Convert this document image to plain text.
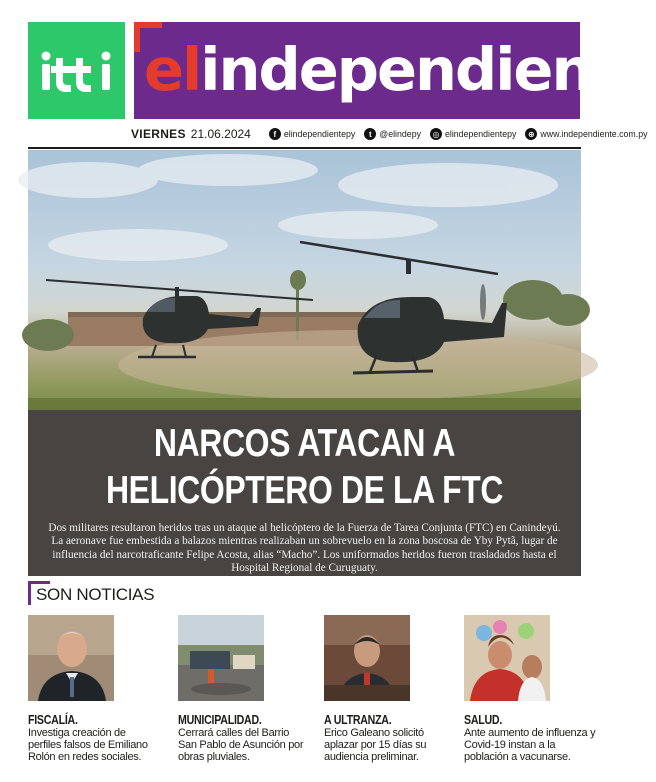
elindependiente
VIERNES 21.06.2024	f elindependientepy	t @elindepy	◎ elindependientepy	⊕ www.independiente.com.py
NARCOS ATACAN A
HELICÓPTERO DE LA FTC

Dos militares resultaron heridos tras un ataque al helicóptero de la Fuerza de Tarea Conjunta (FTC) en Canindeyú. La aeronave fue embestida a balazos mientras realizaban un sobrevuelo en la zona boscosa de Yby Pytã, lugar de influencia del narcotraficante Felipe Acosta, alias “Macho”. Los uniformados heridos fueron trasladados hasta el Hospital Regional de Curuguaty.

SON NOTICIAS
FISCALÍA.
Investiga creación de perfiles falsos de Emiliano Rolón en redes sociales.
MUNICIPALIDAD.
Cerrará calles del Barrio San Pablo de Asunción por obras pluviales.
A ULTRANZA.
Erico Galeano solicitó aplazar por 15 días su audiencia preliminar.
SALUD.
Ante aumento de influenza y Covid-19 instan a la población a vacunarse.
